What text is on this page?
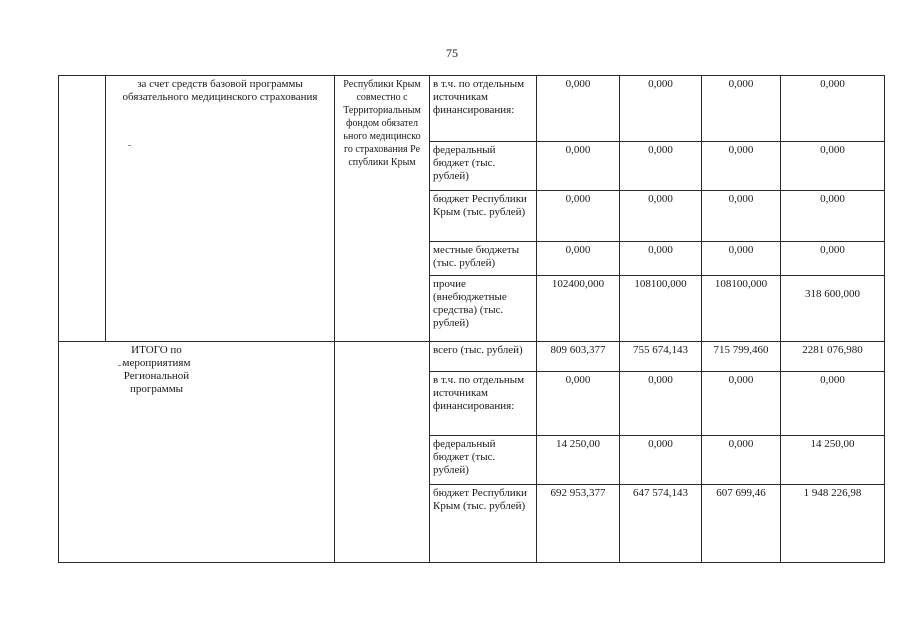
75
-
-·
	за счет средств базовой программы обязательного медицинского страхования	Республики Крым совместно с Территориальным фондом обязател ьного медицинско го страхования Ре спублики Крым	в т.ч. по отдельным источникам финансирования:	0,000	0,000	0,000	0,000
			федеральный бюджет (тыс. рублей)	0,000	0,000	0,000	0,000
			бюджет Республики Крым (тыс. рублей)	0,000	0,000	0,000	0,000
			местные бюджеты (тыс. рублей)	0,000	0,000	0,000	0,000
			прочие (внебюджетные средства) (тыс. рублей)	102400,000	108100,000	108100,000	318 600,000
ИТОГО по мероприятиям Региональной программы			всего (тыс. рублей)	809 603,377	755 674,143	715 799,460	2281 076,980
			в т.ч. по отдельным источникам финансирования:	0,000	0,000	0,000	0,000
			федеральный бюджет (тыс. рублей)	14 250,00	0,000	0,000	14 250,00
			бюджет Республики Крым (тыс. рублей)	692 953,377	647 574,143	607 699,46	1 948 226,98
